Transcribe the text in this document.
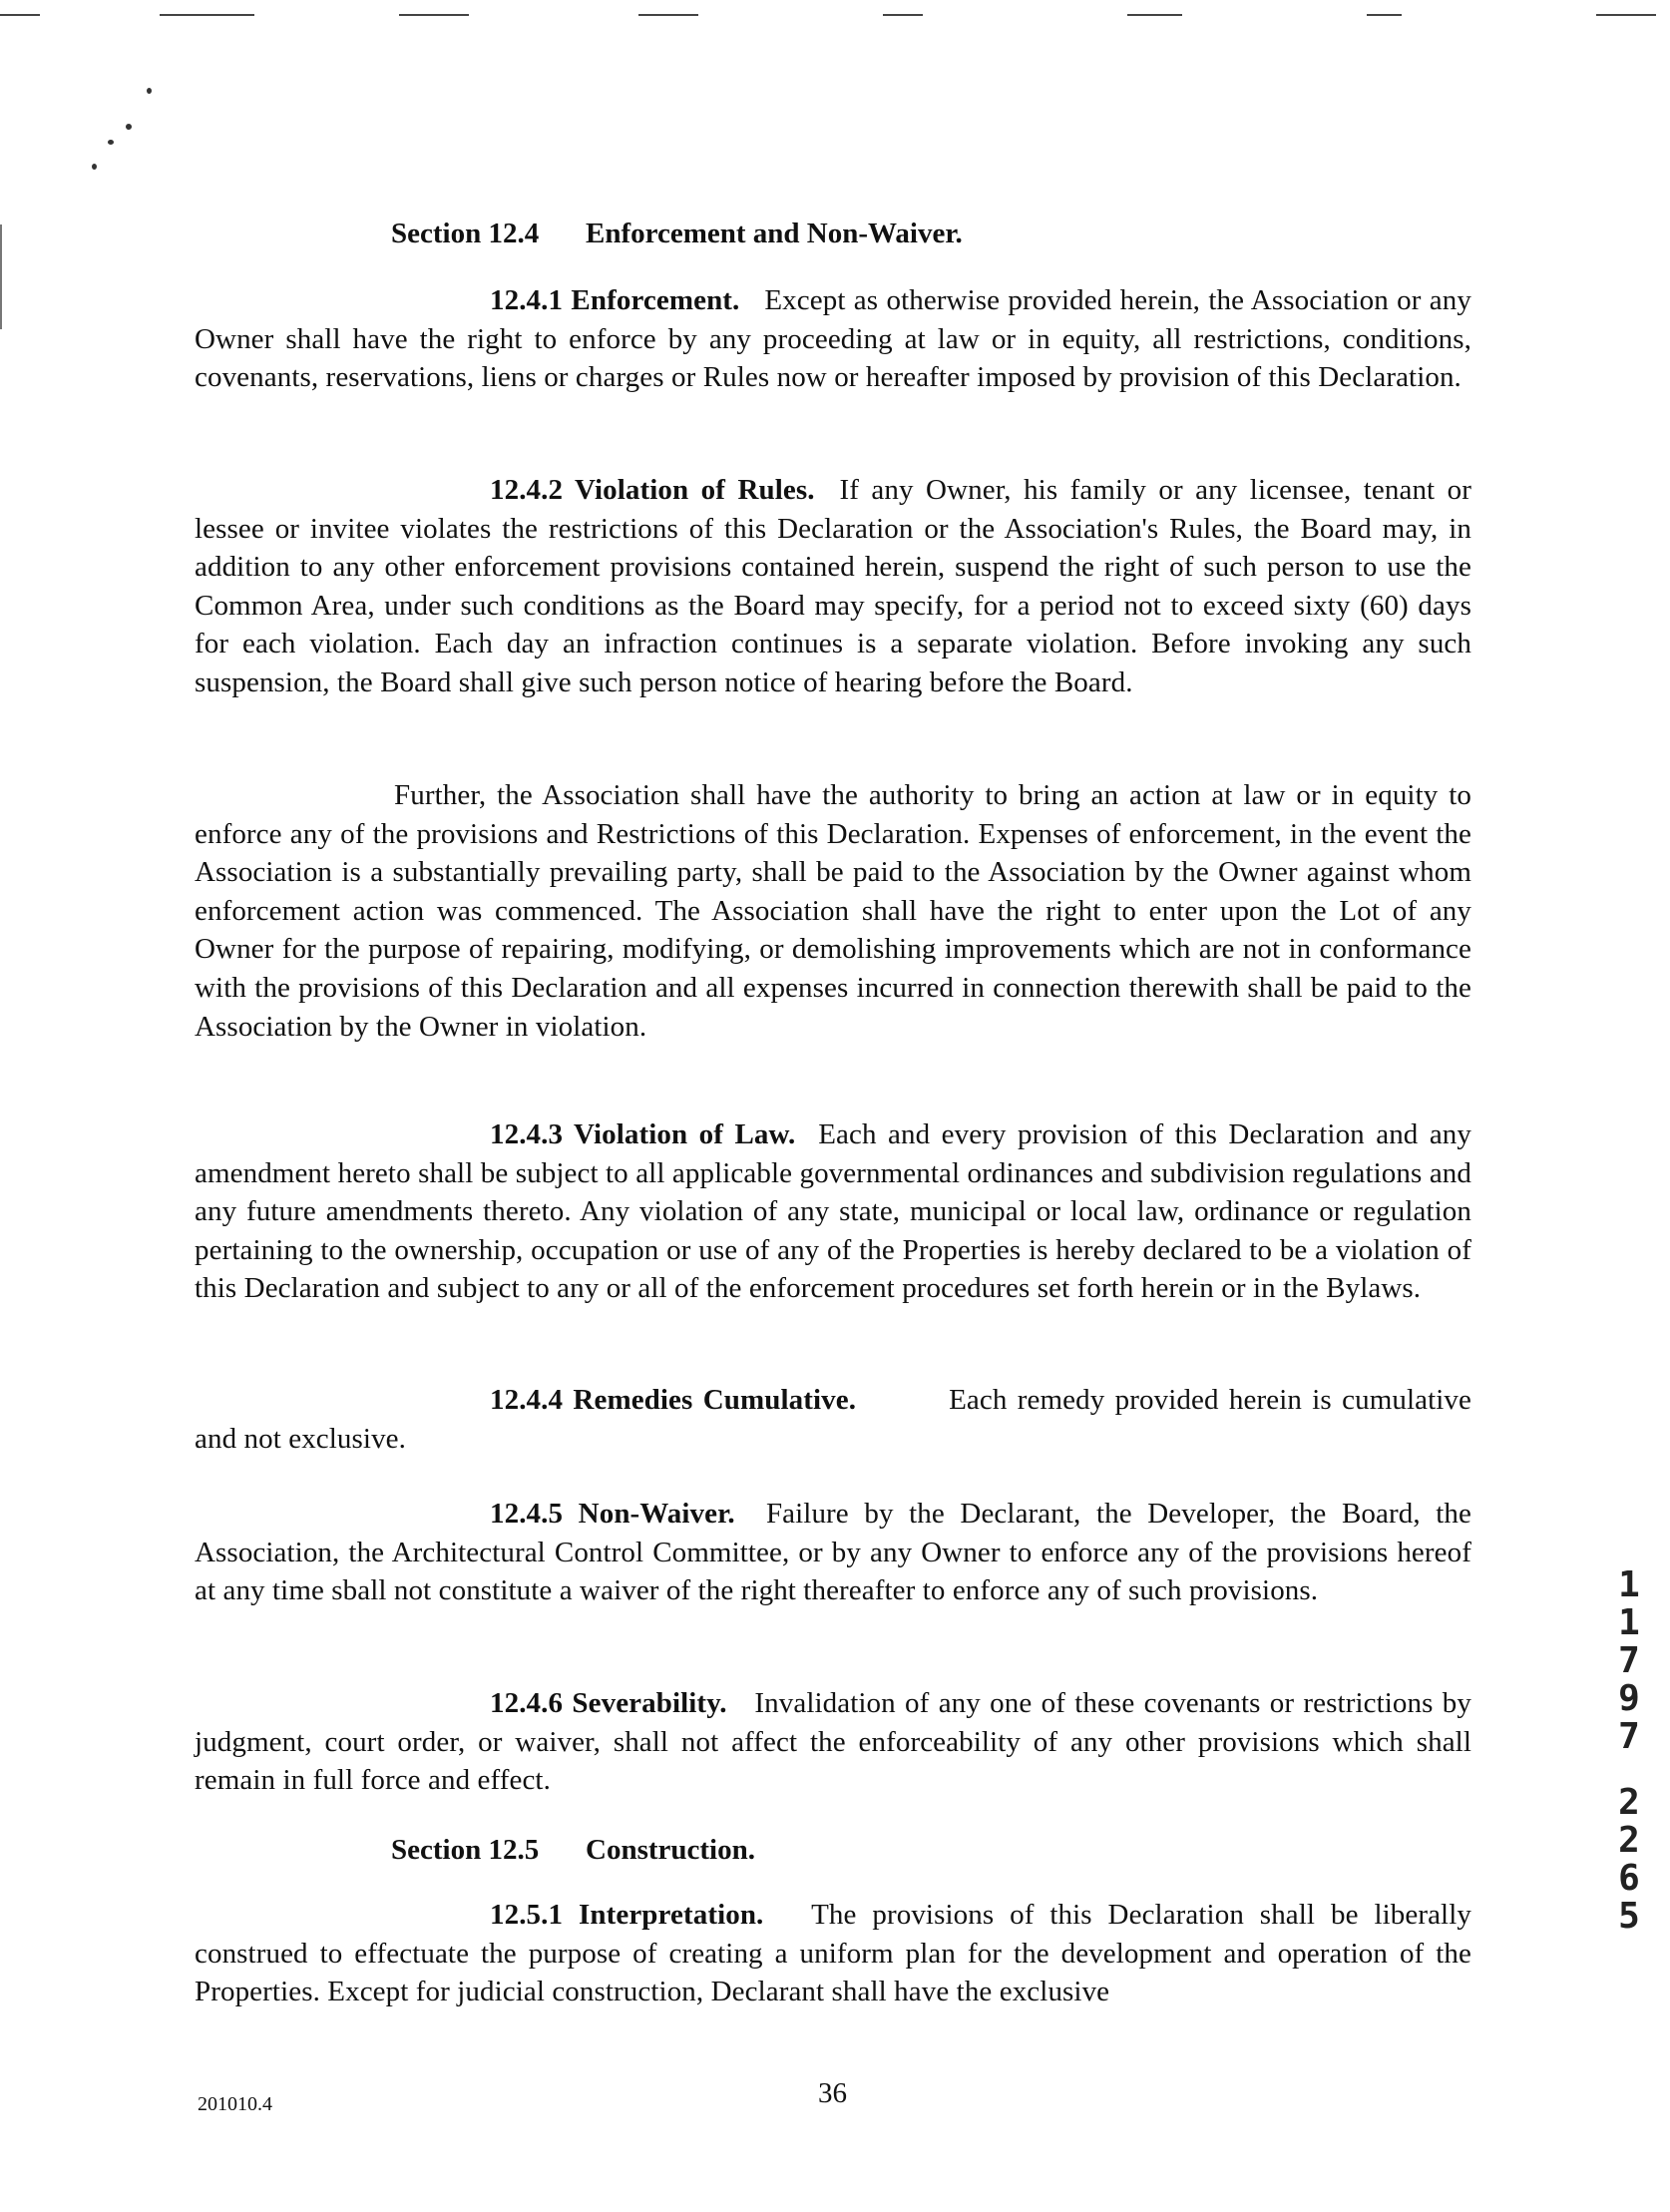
Section 12.4 Enforcement and Non-Waiver.
12.4.1 Enforcement. Except as otherwise provided herein, the Association or any Owner shall have the right to enforce by any proceeding at law or in equity, all restrictions, conditions, covenants, reservations, liens or charges or Rules now or hereafter imposed by provision of this Declaration.
12.4.2 Violation of Rules. If any Owner, his family or any licensee, tenant or lessee or invitee violates the restrictions of this Declaration or the Association's Rules, the Board may, in addition to any other enforcement provisions contained herein, suspend the right of such person to use the Common Area, under such conditions as the Board may specify, for a period not to exceed sixty (60) days for each violation. Each day an infraction continues is a separate violation. Before invoking any such suspension, the Board shall give such person notice of hearing before the Board.
Further, the Association shall have the authority to bring an action at law or in equity to enforce any of the provisions and Restrictions of this Declaration. Expenses of enforcement, in the event the Association is a substantially prevailing party, shall be paid to the Association by the Owner against whom enforcement action was commenced. The Association shall have the right to enter upon the Lot of any Owner for the purpose of repairing, modifying, or demolishing improvements which are not in conformance with the provisions of this Declaration and all expenses incurred in connection therewith shall be paid to the Association by the Owner in violation.
12.4.3 Violation of Law. Each and every provision of this Declaration and any amendment hereto shall be subject to all applicable governmental ordinances and subdivision regulations and any future amendments thereto. Any violation of any state, municipal or local law, ordinance or regulation pertaining to the ownership, occupation or use of any of the Properties is hereby declared to be a violation of this Declaration and subject to any or all of the enforcement procedures set forth herein or in the Bylaws.
12.4.4 Remedies Cumulative.	Each remedy provided herein is cumulative and not exclusive.
12.4.5 Non-Waiver. Failure by the Declarant, the Developer, the Board, the Association, the Architectural Control Committee, or by any Owner to enforce any of the provisions hereof at any time sball not constitute a waiver of the right thereafter to enforce any of such provisions.
12.4.6 Severability. Invalidation of any one of these covenants or restrictions by judgment, court order, or waiver, shall not affect the enforceability of any other provisions which shall remain in full force and effect.
Section 12.5 Construction.
12.5.1 Interpretation. The provisions of this Declaration shall be liberally construed to effectuate the purpose of creating a uniform plan for the development and operation of the Properties. Except for judicial construction, Declarant shall have the exclusive
201010.4	36
1
1
7
9
7
2
2
6
5
